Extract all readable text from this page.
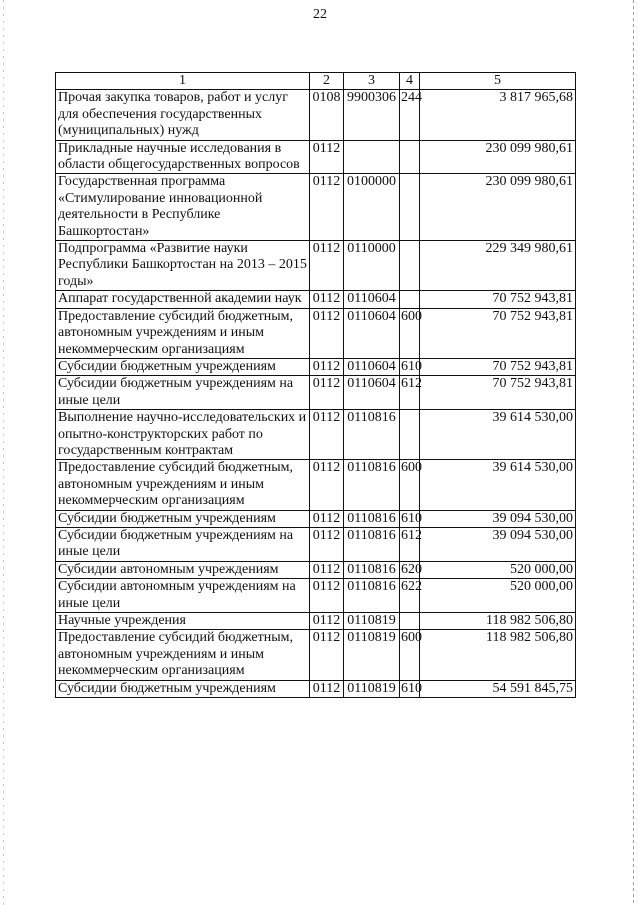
22
1	2	3	4	5
Прочая закупка товаров, работ и услуг для обеспечения государственных (муниципальных) нужд	0108	9900306	244	3 817 965,68
Прикладные научные исследования в области общегосударственных вопросов	0112			230 099 980,61
Государственная программа «Стимулирование инновационной деятельности в Республике Башкортостан»	0112	0100000		230 099 980,61
Подпрограмма «Развитие науки Республики Башкортостан на 2013 – 2015 годы»	0112	0110000		229 349 980,61
Аппарат государственной академии наук	0112	0110604		70 752 943,81
Предоставление субсидий бюджетным, автономным учреждениям и иным некоммерческим организациям	0112	0110604	600	70 752 943,81
Субсидии бюджетным учреждениям	0112	0110604	610	70 752 943,81
Субсидии бюджетным учреждениям на иные цели	0112	0110604	612	70 752 943,81
Выполнение научно-исследовательских и опытно-конструкторских работ по государственным контрактам	0112	0110816		39 614 530,00
Предоставление субсидий бюджетным, автономным учреждениям и иным некоммерческим организациям	0112	0110816	600	39 614 530,00
Субсидии бюджетным учреждениям	0112	0110816	610	39 094 530,00
Субсидии бюджетным учреждениям на иные цели	0112	0110816	612	39 094 530,00
Субсидии автономным учреждениям	0112	0110816	620	520 000,00
Субсидии автономным учреждениям на иные цели	0112	0110816	622	520 000,00
Научные учреждения	0112	0110819		118 982 506,80
Предоставление субсидий бюджетным, автономным учреждениям и иным некоммерческим организациям	0112	0110819	600	118 982 506,80
Субсидии бюджетным учреждениям	0112	0110819	610	54 591 845,75
